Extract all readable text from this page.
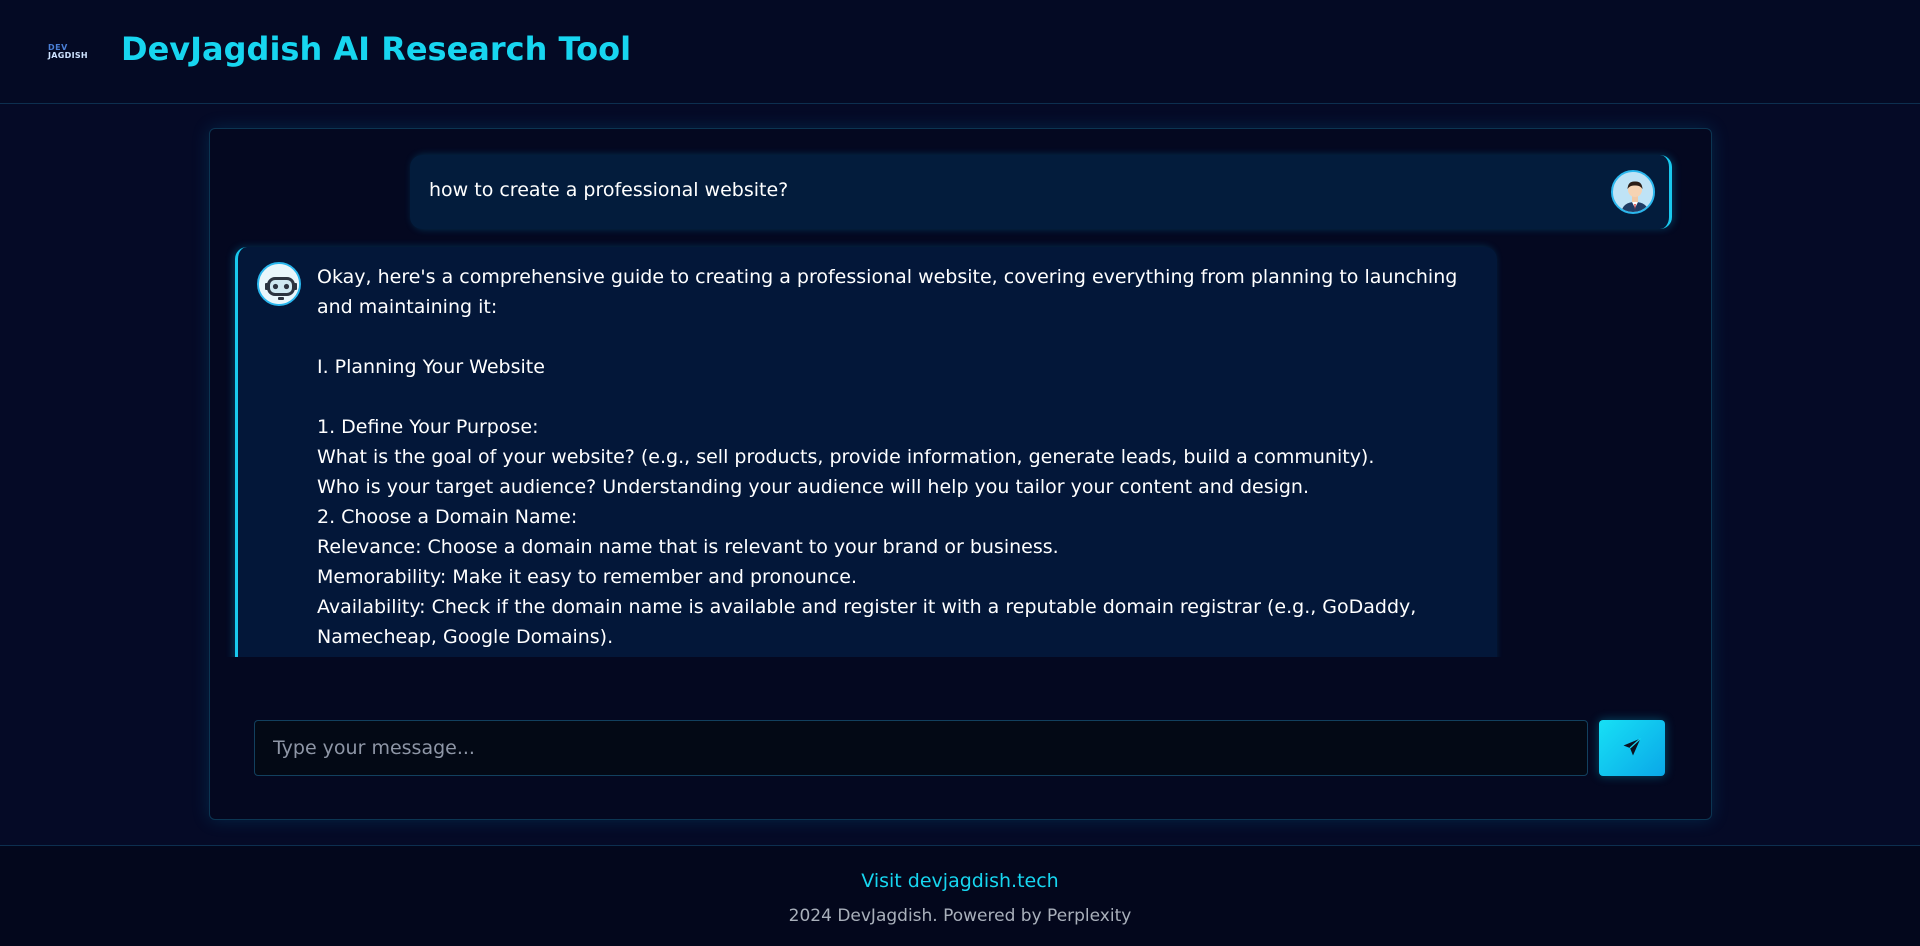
DEV
JAGDISH DevJagdish AI Research Tool
how to create a professional website?

Okay, here's a comprehensive guide to creating a professional website, covering everything from planning to launching and maintaining it:

I. Planning Your Website

1. Define Your Purpose:

What is the goal of your website? (e.g., sell products, provide information, generate leads, build a community).

Who is your target audience? Understanding your audience will help you tailor your content and design.

2. Choose a Domain Name:

Relevance: Choose a domain name that is relevant to your brand or business.

Memorability: Make it easy to remember and pronounce.

Availability: Check if the domain name is available and register it with a reputable domain registrar (e.g., GoDaddy, Namecheap, Google Domains).

Type your message...
Visit devjagdish.tech
2024 DevJagdish. Powered by Perplexity
